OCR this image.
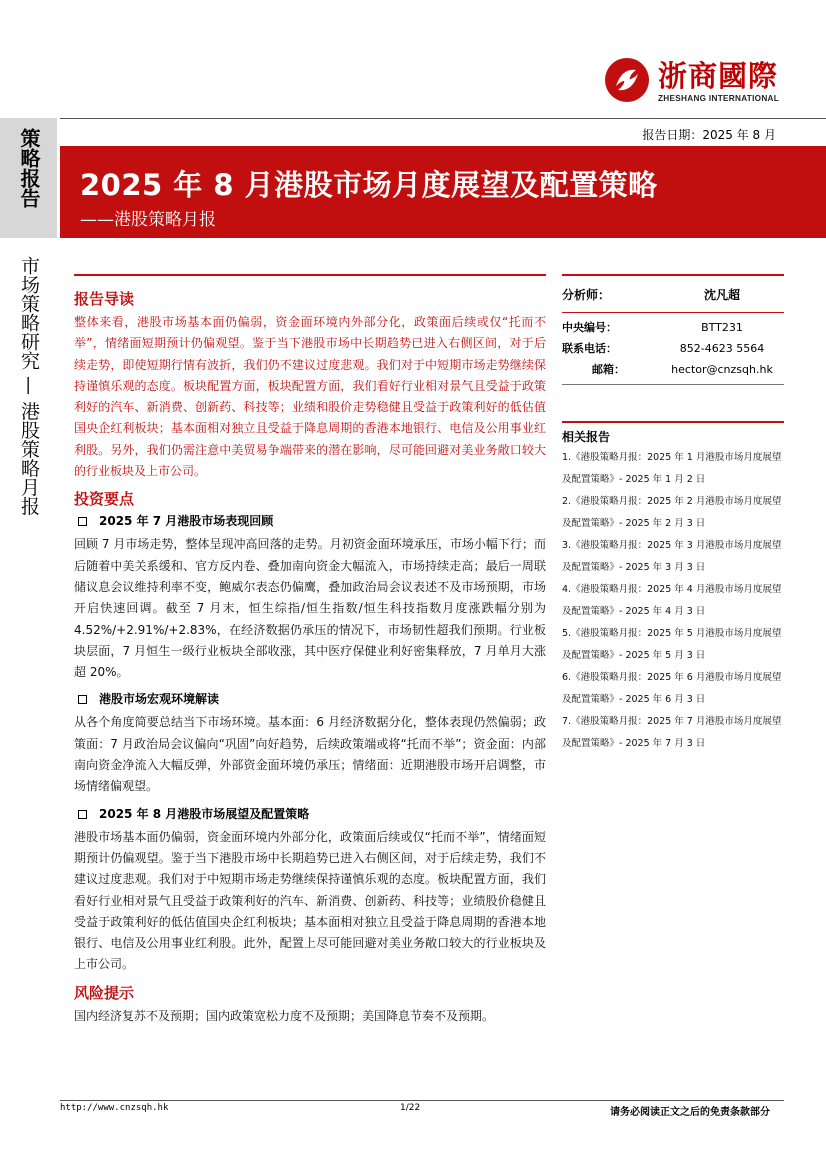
浙商國際
ZHESHANG INTERNATIONAL
策略报告
市场策略研究 — 港股策略月报
报告日期：2025 年 8 月
2025 年 8 月港股市场月度展望及配置策略
——港股策略月报
报告导读
整体来看，港股市场基本面仍偏弱，资金面环境内外部分化，政策面后续或仅“托而不举”，情绪面短期预计仍偏观望。鉴于当下港股市场中长期趋势已进入右侧区间，对于后续走势，即使短期行情有波折，我们仍不建议过度悲观。我们对于中短期市场走势继续保持谨慎乐观的态度。板块配置方面，板块配置方面，我们看好行业相对景气且受益于政策利好的汽车、新消费、创新药、科技等；业绩和股价走势稳健且受益于政策利好的低估值国央企红利板块；基本面相对独立且受益于降息周期的香港本地银行、电信及公用事业红利股。另外，我们仍需注意中美贸易争端带来的潜在影响，尽可能回避对美业务敞口较大的行业板块及上市公司。
投资要点
2025 年 7 月港股市场表现回顾
回顾 7 月市场走势，整体呈现冲高回落的走势。月初资金面环境承压，市场小幅下行；而后随着中美关系缓和、官方反内卷、叠加南向资金大幅流入，市场持续走高；最后一周联储议息会议维持利率不变，鲍威尔表态仍偏鹰，叠加政治局会议表述不及市场预期，市场开启快速回调。截至 7 月末，恒生综指/恒生指数/恒生科技指数月度涨跌幅分别为 4.52%/+2.91%/+2.83%，在经济数据仍承压的情况下，市场韧性超我们预期。行业板块层面，7 月恒生一级行业板块全部收涨，其中医疗保健业利好密集释放，7 月单月大涨超 20%。
港股市场宏观环境解读
从各个角度简要总结当下市场环境。基本面：6 月经济数据分化，整体表现仍然偏弱；政策面：7 月政治局会议偏向“巩固”向好趋势，后续政策端或将“托而不举”；资金面：内部南向资金净流入大幅反弹，外部资金面环境仍承压；情绪面：近期港股市场开启调整，市场情绪偏观望。
2025 年 8 月港股市场展望及配置策略
港股市场基本面仍偏弱，资金面环境内外部分化，政策面后续或仅“托而不举”，情绪面短期预计仍偏观望。鉴于当下港股市场中长期趋势已进入右侧区间，对于后续走势，我们不建议过度悲观。我们对于中短期市场走势继续保持谨慎乐观的态度。板块配置方面，我们看好行业相对景气且受益于政策利好的汽车、新消费、创新药、科技等；业绩股价稳健且受益于政策利好的低估值国央企红利板块；基本面相对独立且受益于降息周期的香港本地银行、电信及公用事业红利股。此外，配置上尽可能回避对美业务敞口较大的行业板块及上市公司。
风险提示
国内经济复苏不及预期；国内政策宽松力度不及预期；美国降息节奏不及预期。
分析师：	沈凡超
中央编号：	BTT231
联系电话：	852-4623 5564
邮箱：	hector@cnzsqh.hk
相关报告
1.《港股策略月报：2025 年 1 月港股市场月度展望及配置策略》- 2025 年 1 月 2 日
2.《港股策略月报：2025 年 2 月港股市场月度展望及配置策略》- 2025 年 2 月 3 日
3.《港股策略月报：2025 年 3 月港股市场月度展望及配置策略》- 2025 年 3 月 3 日
4.《港股策略月报：2025 年 4 月港股市场月度展望及配置策略》- 2025 年 4 月 3 日
5.《港股策略月报：2025 年 5 月港股市场月度展望及配置策略》- 2025 年 5 月 3 日
6.《港股策略月报：2025 年 6 月港股市场月度展望及配置策略》- 2025 年 6 月 3 日
7.《港股策略月报：2025 年 7 月港股市场月度展望及配置策略》- 2025 年 7 月 3 日
http://www.cnzsqh.hk	1/22	请务必阅读正文之后的免责条款部分
